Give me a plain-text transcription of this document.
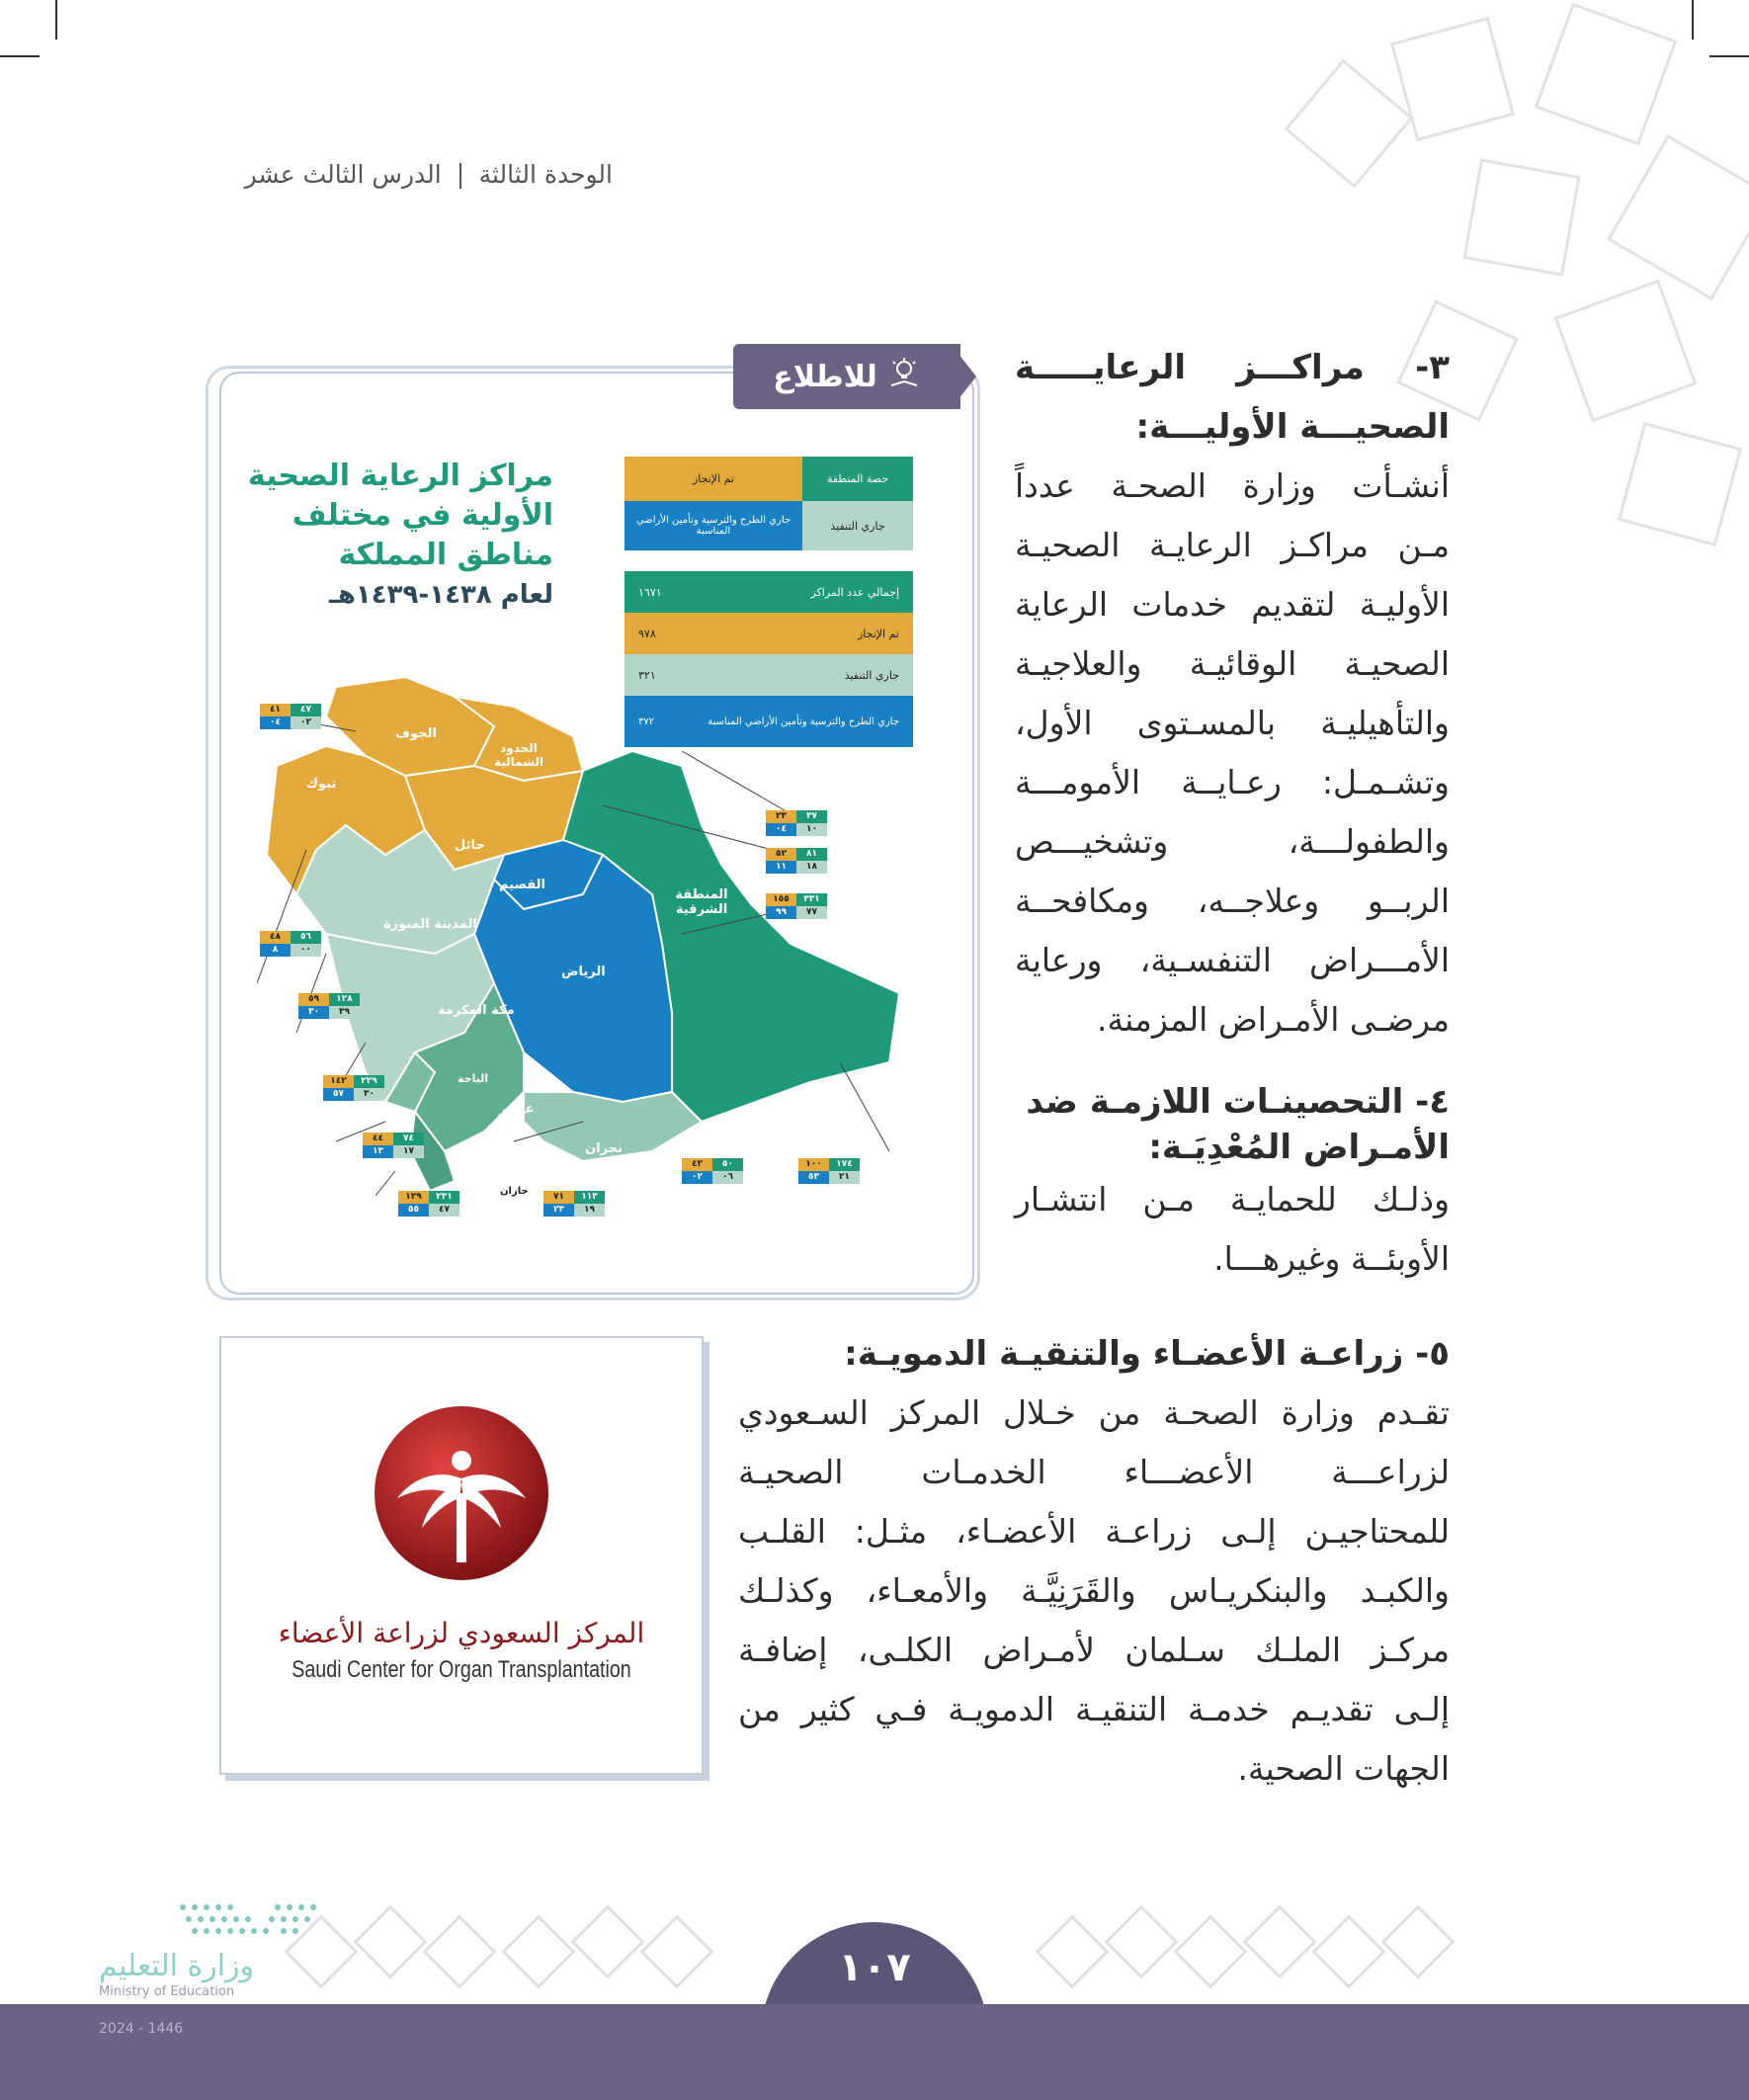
الوحدة الثالثة  الدرس الثالث عشر
للاطلاع
مراكز الرعاية الصحية
الأولية في مختلف
مناطق المملكة
لعام ١٤٣٨-١٤٣٩هـ
حصة المنطقة
تم الإنجاز
جاري التنفيذ
جاري الطرح والترسية وتأمين الأراضي المناسبة
إجمالي عدد المراكز
١٦٧١
تم الإنجاز
٩٧٨
جاري التنفيذ
٣٢١
جاري الطرح والترسية وتأمين الأراضي المناسبة
٣٧٢
الجوف
الحدود الشمالية
تبوك
حائل
القصيم
المنطقة الشرقية
المدينة المنورة
الرياض
مكة المكرمة
الباحة
عسير
نجران
جازان
٤٧
٤١
٠٢
٠٤
٣٧
٢٣
١٠
٠٤
٨١
٥٢
١٨
١١
٣٣١
١٥٥
٧٧
٩٩
٥٦
٤٨
٠٠
٨
١٢٨
٥٩
٣٩
٣٠
٢٢٩
١٤٢
٣٠
٥٧
٧٤
٤٤
١٧
١٣
٥٠
٤٢
٠٦
٠٢
١٧٤
١٠٠
٢١
٥٣
٢٣١
١٢٩
٤٧
٥٥
١١٣
٧١
١٩
٢٣
٣- مراكـــز الرعايـــــة
الصحيـــة الأوليـــة:
أنشـأت وزارة الصحـة عدداً
مـن مراكـز الرعايـة الصحيـة
الأوليـة لتقديم خدمات الرعاية
الصحيـة الوقائيـة والعلاجيـة
والتأهيليـة بالمسـتوى الأول،
وتشـمـل: رعـايــة الأمومـــة
والطفولـــة، وتشخيـــص
الربــو وعلاجــه، ومكافحــة
الأمـــراض التنفسـية، ورعاية
مرضـى الأمـراض المزمنة.
٤- التحصينـات اللازمـة ضد
الأمـراض المُعْدِيَـة:
وذلـك للحمايـة مـن انتشـار
الأوبئــة وغيرهـــا.
٥- زراعـة الأعضـاء والتنقيـة الدمويـة:
تقـدم وزارة الصحـة من خـلال المركز السـعودي
لزراعـــة الأعضـــاء الخدمـات الصحيـة
للمحتاجيـن إلـى زراعـة الأعضـاء، مثـل: القلـب
والكبـد والبنكريـاس والقَرَنِيَّـة والأمعـاء، وكذلـك
مركـز الملـك سـلمان لأمـراض الكلـى، إضافـة
إلـى تقديـم خدمـة التنقيـة الدمويـة فـي كثير من
الجهات الصحية.
المركز السعودي لزراعة الأعضاء
Saudi Center for Organ Transplantation
١٠٧
وزارة التعليم
Ministry of Education
2024 - 1446
